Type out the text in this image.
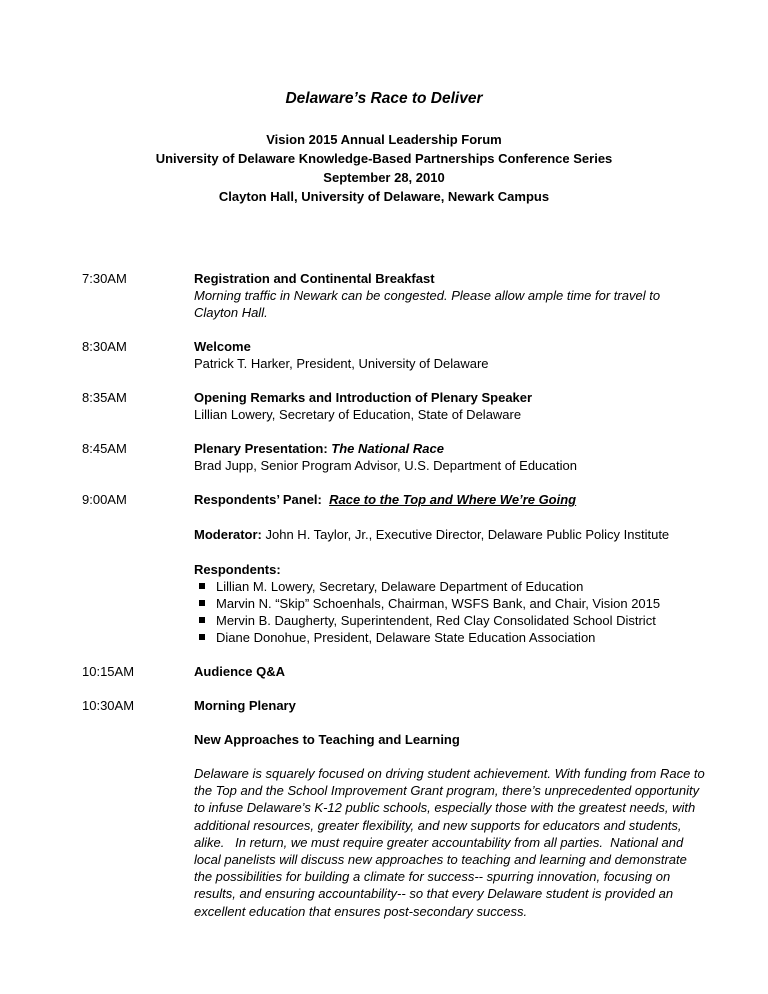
Delaware’s Race to Deliver
Vision 2015 Annual Leadership Forum
University of Delaware Knowledge-Based Partnerships Conference Series
September 28, 2010
Clayton Hall, University of Delaware, Newark Campus
7:30AM	Registration and Continental Breakfast
Morning traffic in Newark can be congested. Please allow ample time for travel to
Clayton Hall.
8:30AM	Welcome
Patrick T. Harker, President, University of Delaware
8:35AM	Opening Remarks and Introduction of Plenary Speaker
Lillian Lowery, Secretary of Education, State of Delaware
8:45AM	Plenary Presentation: The National Race
Brad Jupp, Senior Program Advisor, U.S. Department of Education
9:00AM	Respondents’ Panel:  Race to the Top and Where We’re Going
Moderator: John H. Taylor, Jr., Executive Director, Delaware Public Policy Institute
Respondents:
Lillian M. Lowery, Secretary, Delaware Department of Education
Marvin N. “Skip” Schoenhals, Chairman, WSFS Bank, and Chair, Vision 2015
Mervin B. Daugherty, Superintendent, Red Clay Consolidated School District
Diane Donohue, President, Delaware State Education Association
10:15AM	Audience Q&A
10:30AM	Morning Plenary
New Approaches to Teaching and Learning
Delaware is squarely focused on driving student achievement. With funding from Race to
the Top and the School Improvement Grant program, there’s unprecedented opportunity
to infuse Delaware’s K-12 public schools, especially those with the greatest needs, with
additional resources, greater flexibility, and new supports for educators and students,
alike.   In return, we must require greater accountability from all parties.  National and
local panelists will discuss new approaches to teaching and learning and demonstrate
the possibilities for building a climate for success-- spurring innovation, focusing on
results, and ensuring accountability-- so that every Delaware student is provided an
excellent education that ensures post-secondary success.
